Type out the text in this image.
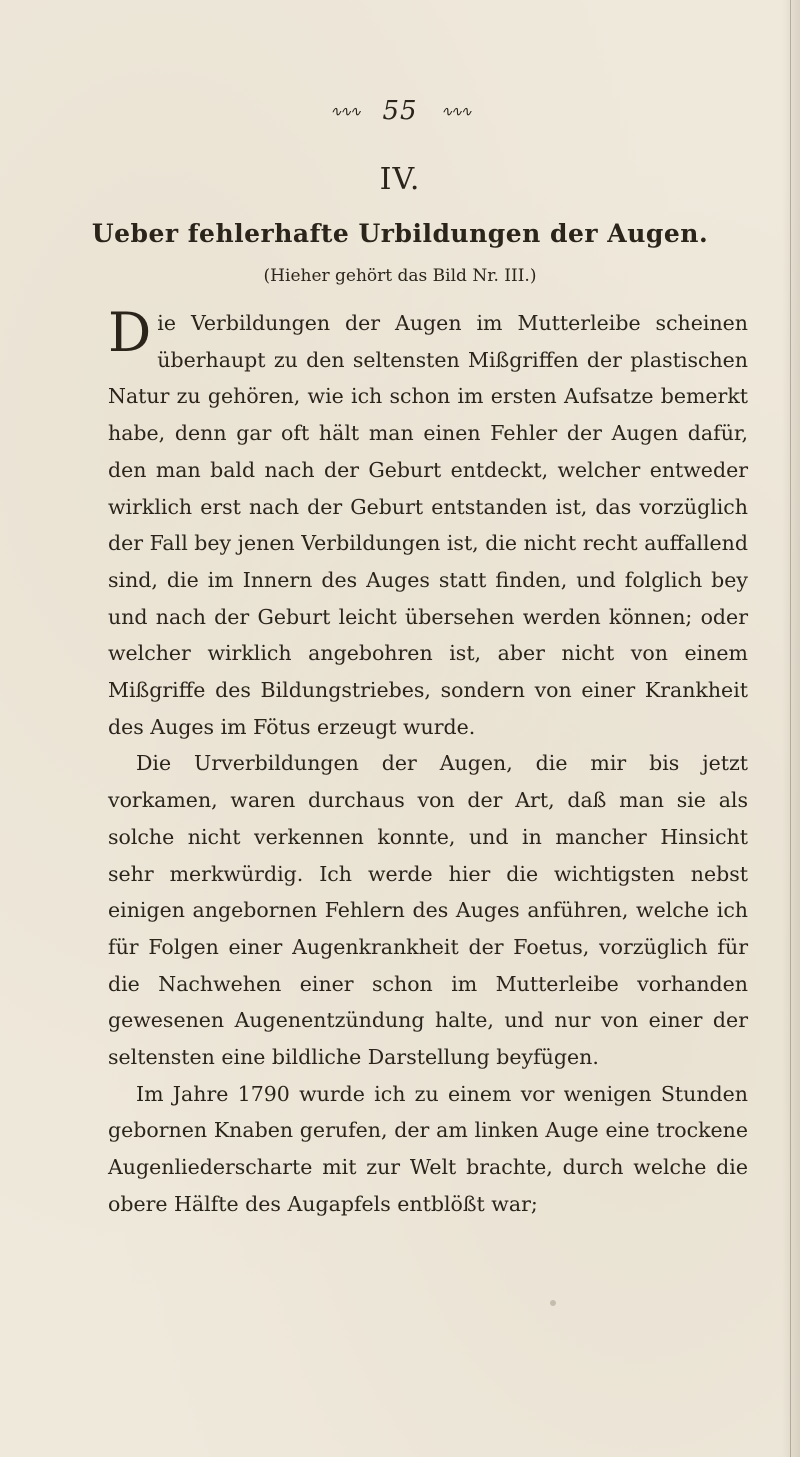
∿∿∿ 55 ∿∿∿
IV.
Ueber fehlerhafte Urbildungen der Augen.
(Hieher gehört das Bild Nr. III.)

Die Verbildungen der Augen im Mutterleibe scheinen überhaupt zu den seltensten Mißgriffen der plastischen Natur zu gehören, wie ich schon im ersten Aufsatze bemerkt habe, denn gar oft hält man einen Fehler der Augen dafür, den man bald nach der Geburt entdeckt, welcher entweder wirklich erst nach der Geburt entstanden ist, das vorzüglich der Fall bey jenen Verbildungen ist, die nicht recht auffallend sind, die im Innern des Auges statt finden, und folglich bey und nach der Geburt leicht übersehen werden können; oder welcher wirklich angebohren ist, aber nicht von einem Mißgriffe des Bildungstriebes, sondern von einer Krankheit des Auges im Fötus erzeugt wurde.

Die Urverbildungen der Augen, die mir bis jetzt vorkamen, waren durchaus von der Art, daß man sie als solche nicht verkennen konnte, und in mancher Hinsicht sehr merkwürdig. Ich werde hier die wichtigsten nebst einigen angebornen Fehlern des Auges anführen, welche ich für Folgen einer Augenkrankheit der Foetus, vorzüglich für die Nachwehen einer schon im Mutterleibe vorhanden gewesenen Augenentzündung halte, und nur von einer der seltensten eine bildliche Darstellung beyfügen.

Im Jahre 1790 wurde ich zu einem vor wenigen Stunden gebornen Knaben gerufen, der am linken Auge eine trockene Augenliederscharte mit zur Welt brachte, durch welche die obere Hälfte des Augapfels entblößt war;
